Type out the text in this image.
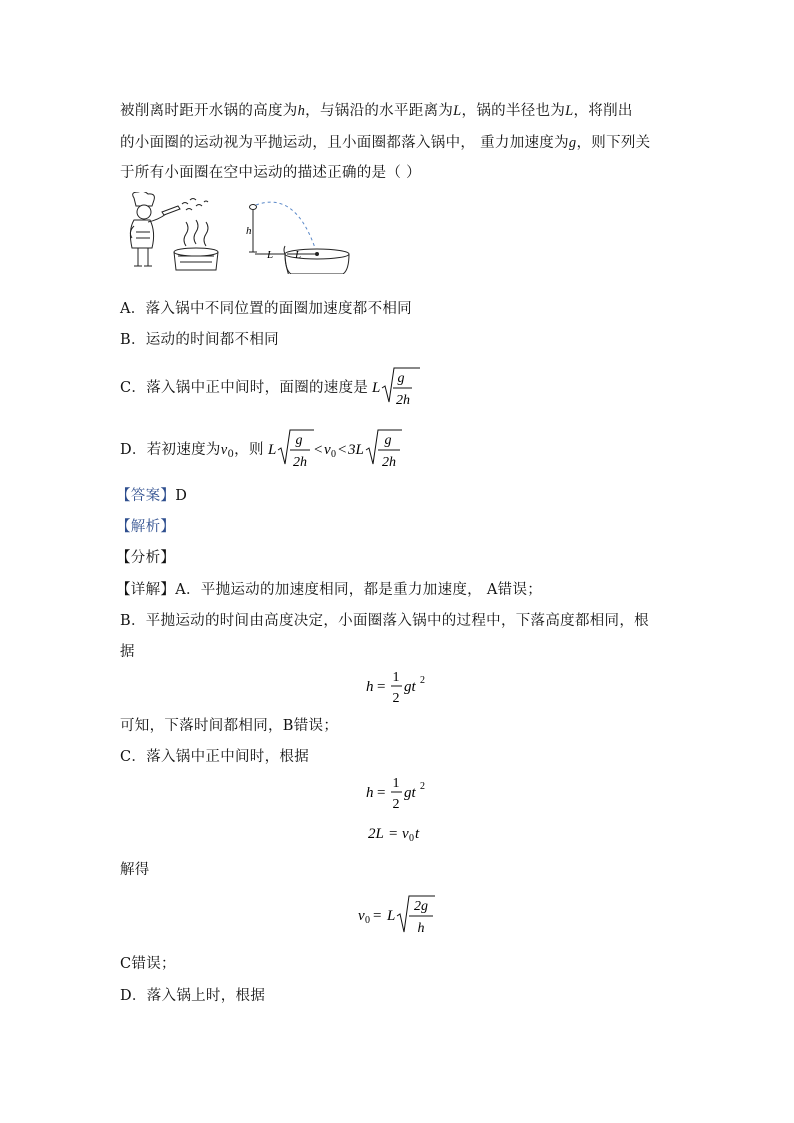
被削离时距开水锅的高度为h，与锅沿的水平距离为L，锅的半径也为L，将削出
的小面圈的运动视为平抛运动，且小面圈都落入锅中， 重力加速度为g，则下列关
于所有小面圈在空中运动的描述正确的是（ ）
h
L L
A．落入锅中不同位置的面圈加速度都不相同
B．运动的时间都不相同
C．落入锅中正中间时，面圈的速度是 L
g
2h
D．若初速度为$v_0$，则 L
g
2h
< v 0 < 3L
g
2h
【答案】D
【解析】
【分析】
【详解】A．平抛运动的加速度相同，都是重力加速度， A错误；
B．平抛运动的时间由高度决定，小面圈落入锅中的过程中，下落高度都相同，根
据
h =
1
2
gt 2
可知，下落时间都相同，B错误；
C．落入锅中正中间时，根据
h =
1
2
gt 2
2L = v 0 t
解得
v 0 = L
2g
h
C错误；
D．落入锅上时，根据
